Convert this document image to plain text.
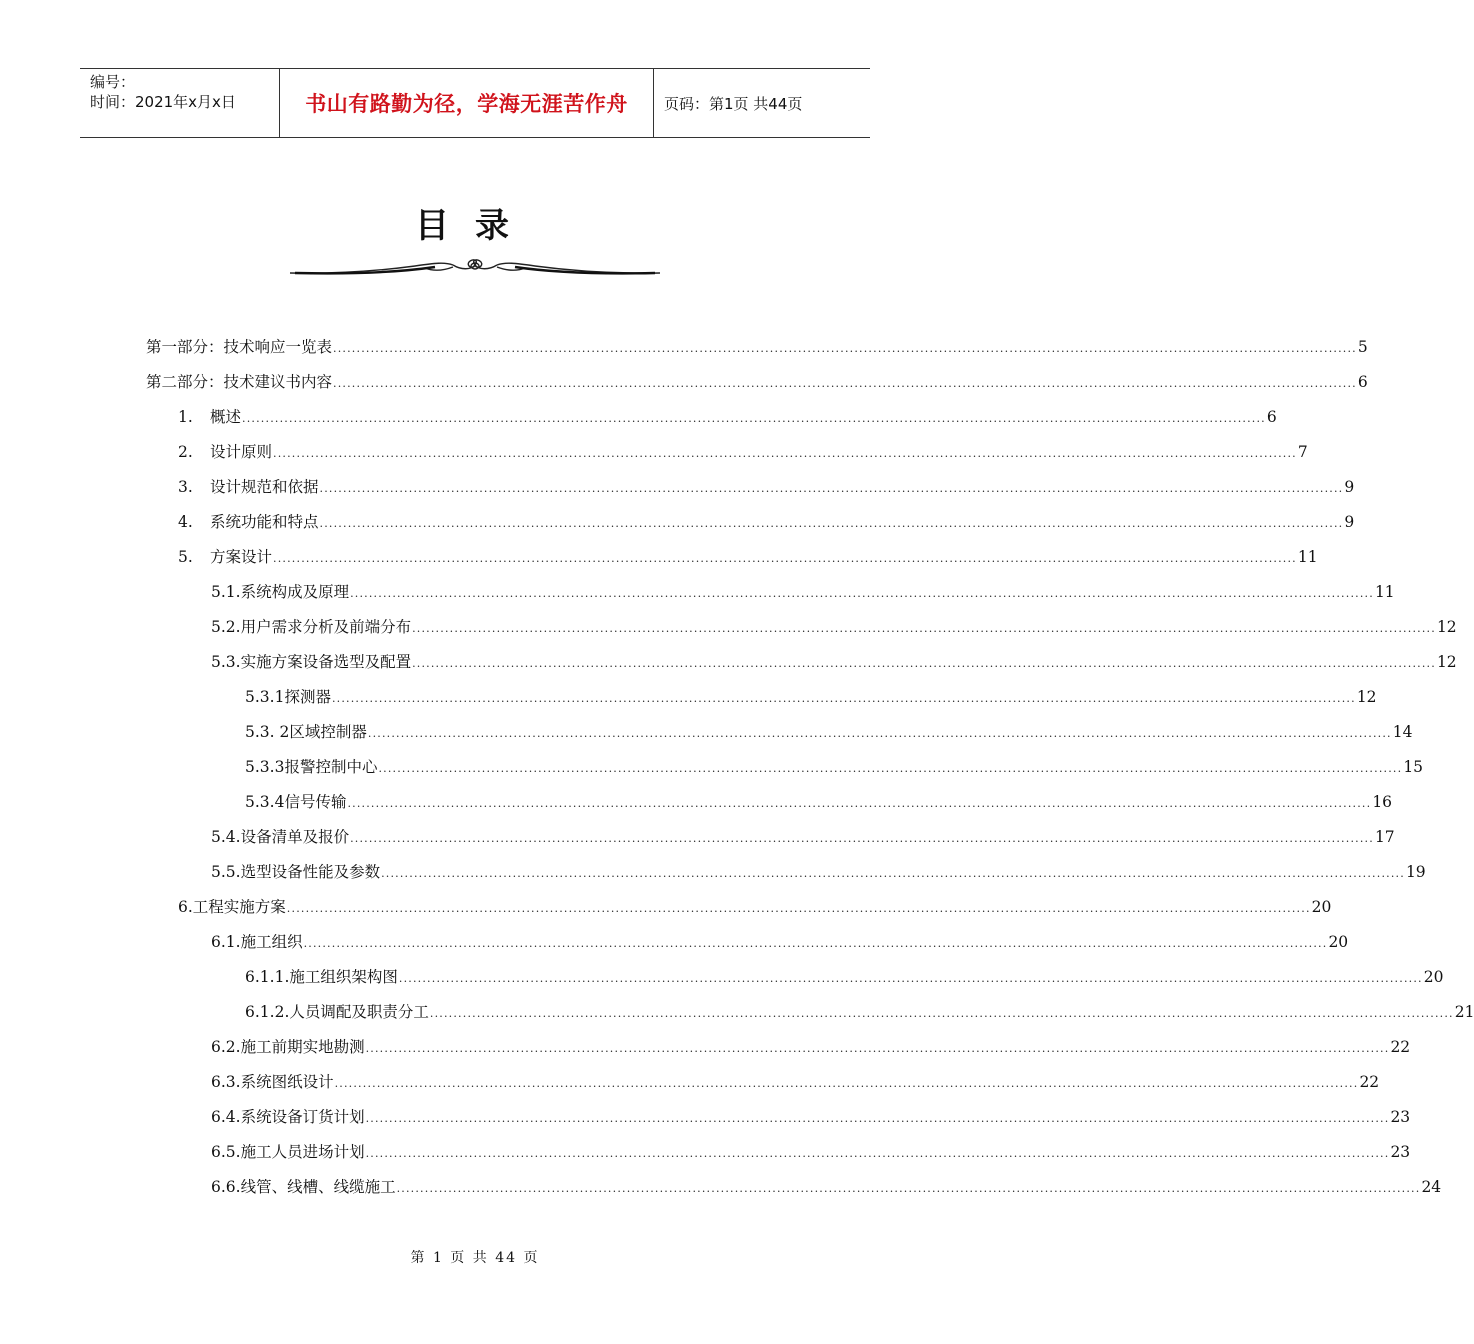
编号：
时间：2021年x月x日	书山有路勤为径，学海无涯苦作舟	页码：第1页 共44页
目录
第一部分：技术响应一览表 .......................................................................................................................................................................................................................... 5
第二部分：技术建议书内容 .......................................................................................................................................................................................................................... 6
1. 概述 .......................................................................................................................................................................................................................... 6
2. 设计原则 .......................................................................................................................................................................................................................... 7
3. 设计规范和依据 .......................................................................................................................................................................................................................... 9
4. 系统功能和特点 .......................................................................................................................................................................................................................... 9
5. 方案设计 .......................................................................................................................................................................................................................... 11
5.1.系统构成及原理 .......................................................................................................................................................................................................................... 11
5.2.用户需求分析及前端分布 .......................................................................................................................................................................................................................... 12
5.3.实施方案设备选型及配置 .......................................................................................................................................................................................................................... 12
5.3.1探测器 .......................................................................................................................................................................................................................... 12
5.3. 2区域控制器 .......................................................................................................................................................................................................................... 14
5.3.3报警控制中心 .......................................................................................................................................................................................................................... 15
5.3.4信号传输 .......................................................................................................................................................................................................................... 16
5.4.设备清单及报价 .......................................................................................................................................................................................................................... 17
5.5.选型设备性能及参数 .......................................................................................................................................................................................................................... 19
6.工程实施方案 .......................................................................................................................................................................................................................... 20
6.1.施工组织 .......................................................................................................................................................................................................................... 20
6.1.1.施工组织架构图 .......................................................................................................................................................................................................................... 20
6.1.2.人员调配及职责分工 .......................................................................................................................................................................................................................... 21
6.2.施工前期实地勘测 .......................................................................................................................................................................................................................... 22
6.3.系统图纸设计 .......................................................................................................................................................................................................................... 22
6.4.系统设备订货计划 .......................................................................................................................................................................................................................... 23
6.5.施工人员进场计划 .......................................................................................................................................................................................................................... 23
6.6.线管、线槽、线缆施工 .......................................................................................................................................................................................................................... 24
第 1 页 共 44 页
